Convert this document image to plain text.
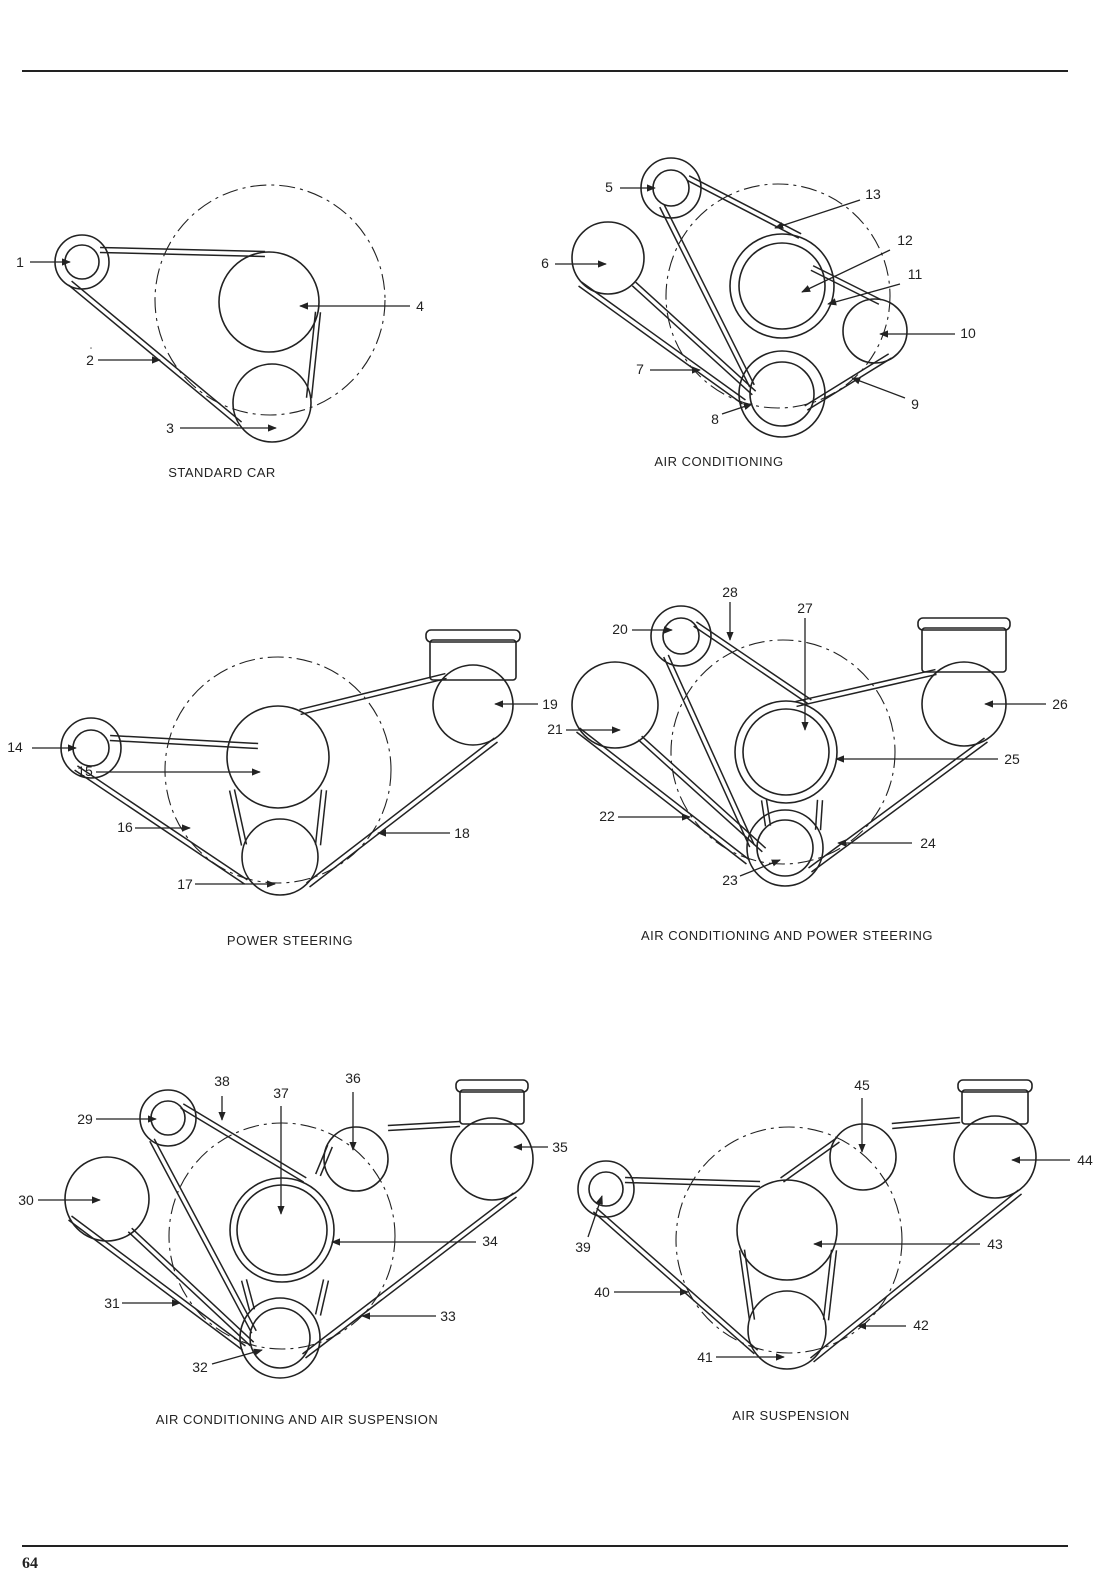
1
2
3
4
STANDARD CAR
5
6
7
8
9
10
11
12
13
AIR CONDITIONING
14
15
16
17
18
19
POWER STEERING
20
21
22
23
24
25
26
27
28
AIR CONDITIONING AND POWER STEERING
29
30
31
32
33
34
35
36
37
38
AIR CONDITIONING AND AIR SUSPENSION
39
40
41
42
43
44
45
AIR SUSPENSION
64
